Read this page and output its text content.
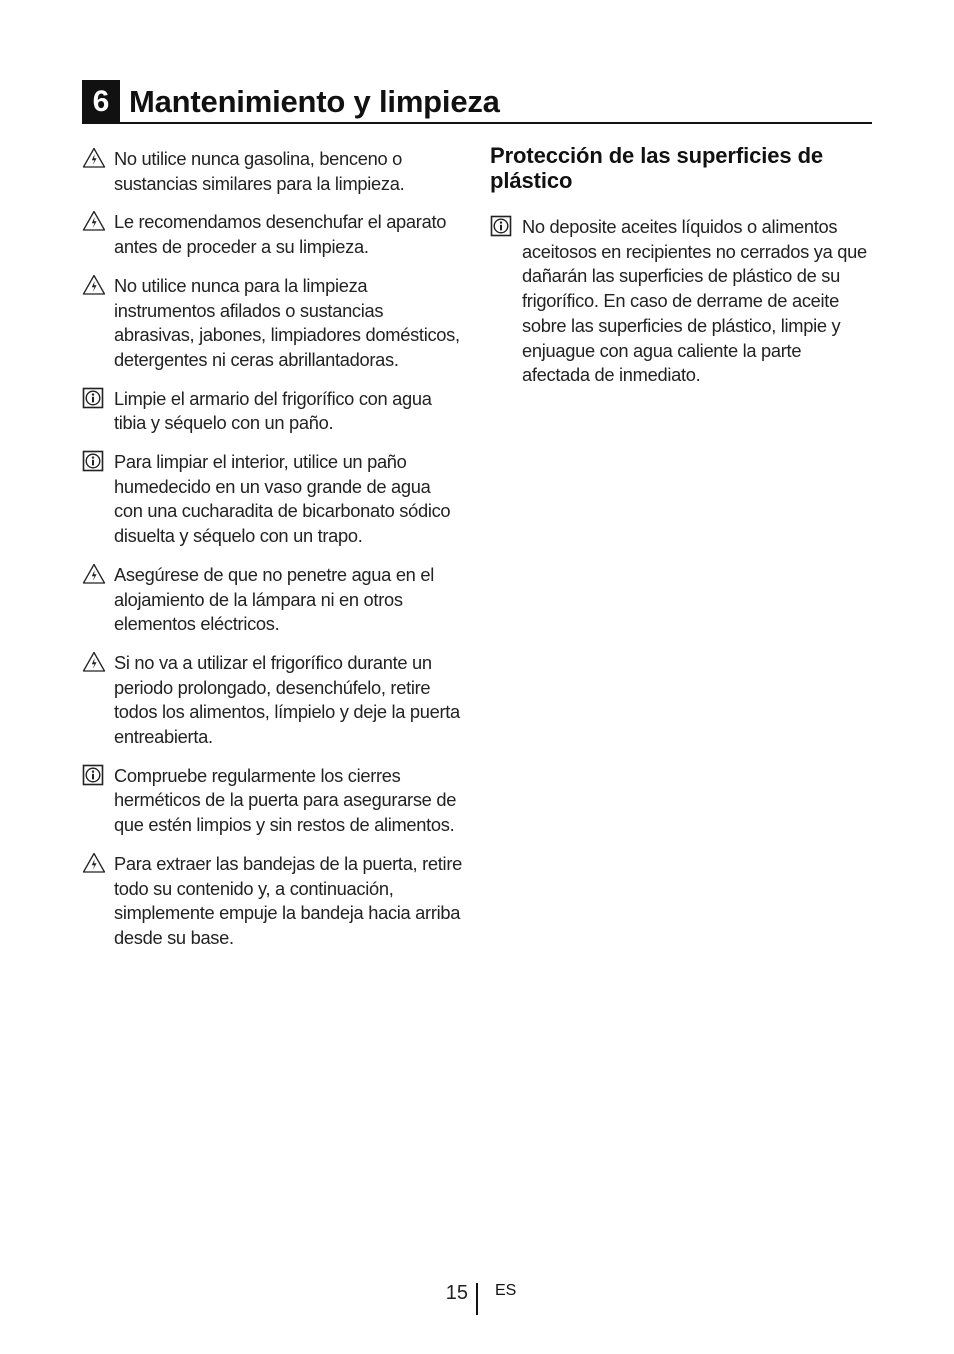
6 Mantenimiento y limpieza
No utilice nunca gasolina, benceno o sustancias similares para la limpieza.
Le recomendamos desenchufar el aparato antes de proceder a su limpieza.
No utilice nunca para la limpieza instrumentos afilados o sustancias abrasivas, jabones, limpiadores domésticos, detergentes ni ceras abrillantadoras.
Limpie el armario del frigorífico con agua tibia y séquelo con un paño.
Para limpiar el interior, utilice un paño humedecido en un vaso grande de agua con una cucharadita de bicarbonato sódico disuelta y séquelo con un trapo.
Asegúrese de que no penetre agua en el alojamiento de la lámpara ni en otros elementos eléctricos.
Si no va a utilizar el frigorífico durante un periodo prolongado, desenchúfelo, retire todos los alimentos, límpielo y deje la puerta entreabierta.
Compruebe regularmente los cierres herméticos de la puerta para asegurarse de que estén limpios y sin restos de alimentos.
Para extraer las bandejas de la puerta, retire todo su contenido y, a continuación, simplemente empuje la bandeja hacia arriba desde su base.
Protección de las superficies de plástico
No deposite aceites líquidos o alimentos aceitosos en recipientes no cerrados ya que dañarán las superficies de plástico de su frigorífico. En caso de derrame de aceite sobre las superficies de plástico, limpie y enjuague con agua caliente la parte afectada de inmediato.
15 ES
